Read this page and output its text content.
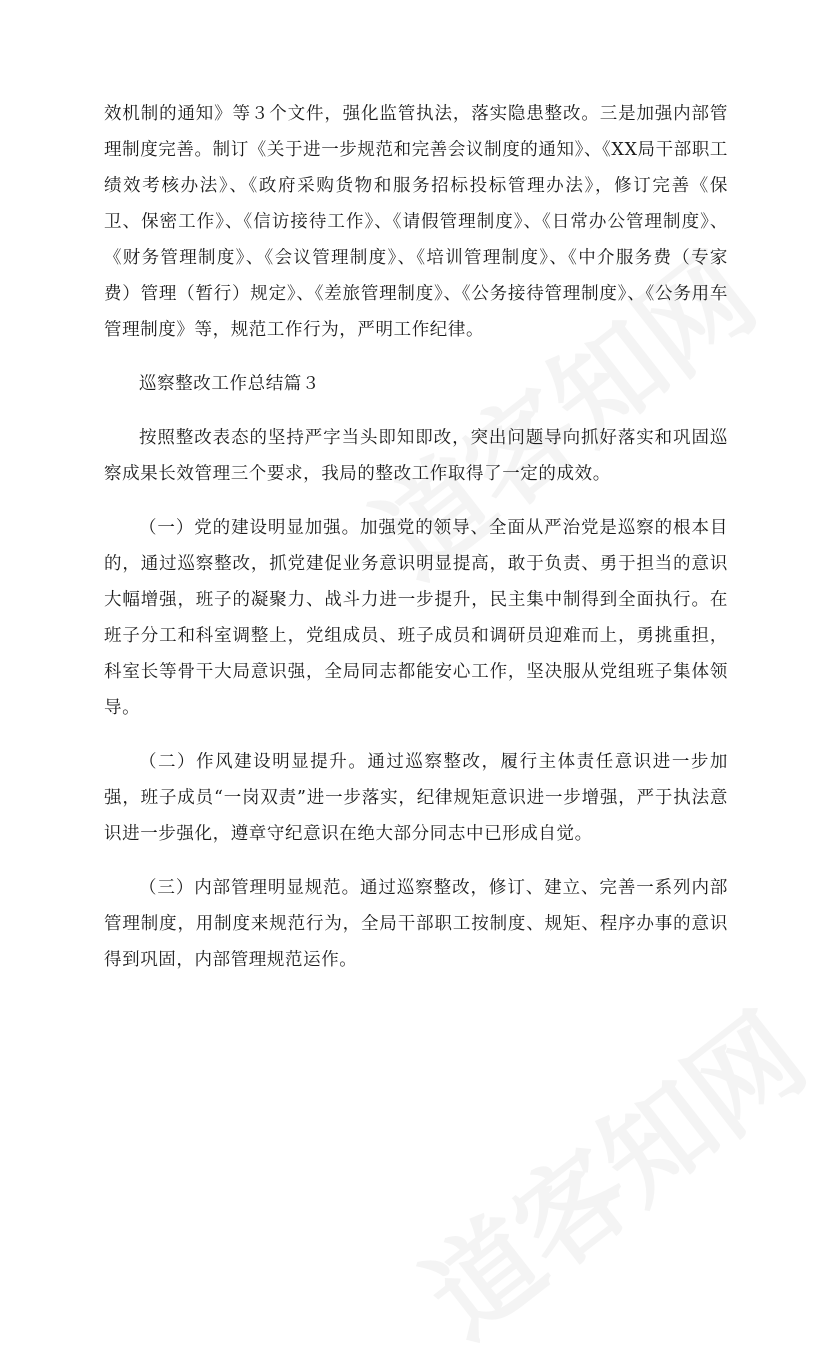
效机制的通知》等３个文件，强化监管执法，落实隐患整改。三是加强内部管理制度完善。制订《关于进一步规范和完善会议制度的通知》、《XX局干部职工绩效考核办法》、《政府采购货物和服务招标投标管理办法》，修订完善《保卫、保密工作》、《信访接待工作》、《请假管理制度》、《日常办公管理制度》、《财务管理制度》、《会议管理制度》、《培训管理制度》、《中介服务费（专家费）管理（暂行）规定》、《差旅管理制度》、《公务接待管理制度》、《公务用车管理制度》等，规范工作行为，严明工作纪律。

巡察整改工作总结篇３

按照整改表态的坚持严字当头即知即改，突出问题导向抓好落实和巩固巡察成果长效管理三个要求，我局的整改工作取得了一定的成效。

（一）党的建设明显加强。加强党的领导、全面从严治党是巡察的根本目的，通过巡察整改，抓党建促业务意识明显提高，敢于负责、勇于担当的意识大幅增强，班子的凝聚力、战斗力进一步提升，民主集中制得到全面执行。在班子分工和科室调整上，党组成员、班子成员和调研员迎难而上，勇挑重担，科室长等骨干大局意识强，全局同志都能安心工作，坚决服从党组班子集体领导。

（二）作风建设明显提升。通过巡察整改，履行主体责任意识进一步加强，班子成员“一岗双责”进一步落实，纪律规矩意识进一步增强，严于执法意识进一步强化，遵章守纪意识在绝大部分同志中已形成自觉。

（三）内部管理明显规范。通过巡察整改，修订、建立、完善一系列内部管理制度，用制度来规范行为，全局干部职工按制度、规矩、程序办事的意识得到巩固，内部管理规范运作。
